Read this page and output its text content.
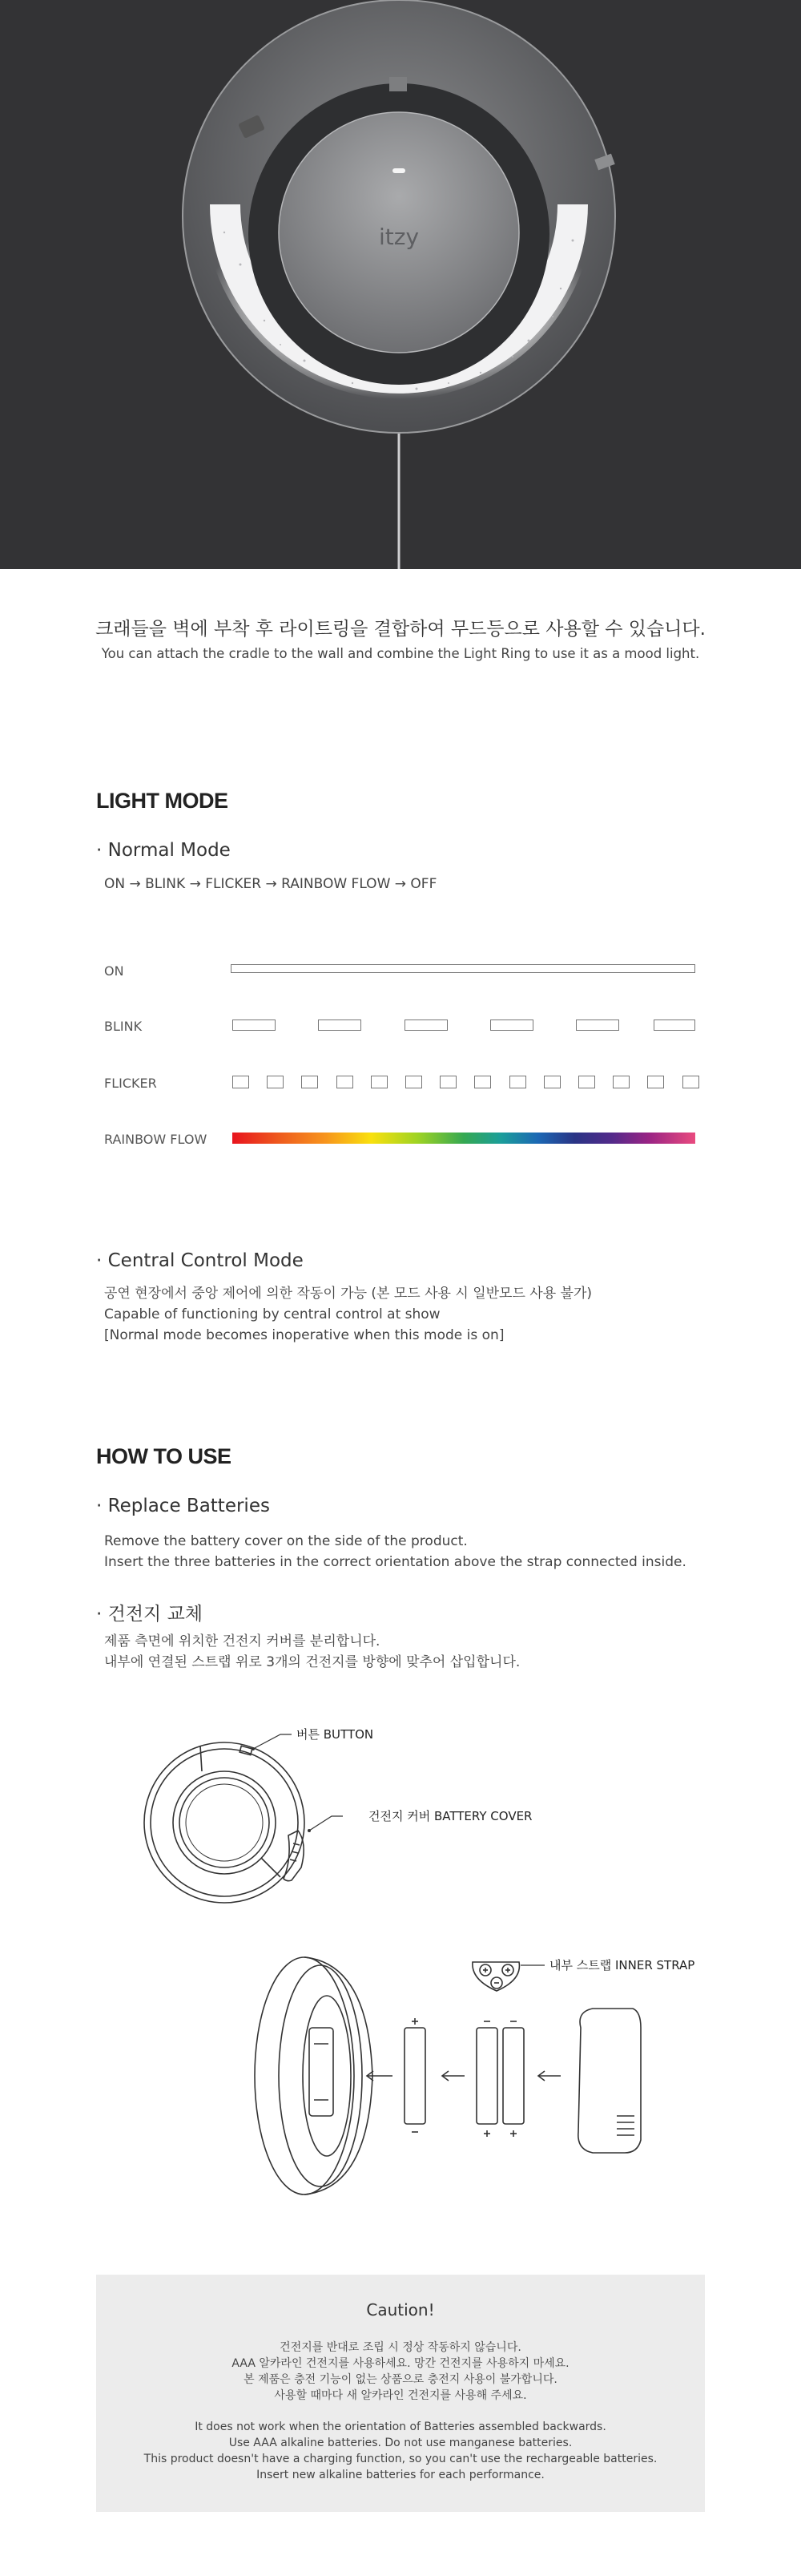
itzy
크래들을 벽에 부착 후 라이트링을 결합하여 무드등으로 사용할 수 있습니다.
You can attach the cradle to the wall and combine the Light Ring to use it as a mood light.
LIGHT MODE
· Normal Mode
ON → BLINK → FLICKER → RAINBOW FLOW → OFF
ON
BLINK
FLICKER
RAINBOW FLOW
· Central Control Mode
공연 현장에서 중앙 제어에 의한 작동이 가능 (본 모드 사용 시 일반모드 사용 불가)
Capable of functioning by central control at show
[Normal mode becomes inoperative when this mode is on]
HOW TO USE
· Replace Batteries
Remove the battery cover on the side of the product.
Insert the three batteries in the correct orientation above the strap connected inside.
· 건전지 교체
제품 측면에 위치한 건전지 커버를 분리합니다.
내부에 연결된 스트랩 위로 3개의 건전지를 방향에 맞추어 삽입합니다.
버튼 BUTTON
건전지 커버 BATTERY COVER
내부 스트랩 INNER STRAP
Caution!
건전지를 반대로 조립 시 정상 작동하지 않습니다.
AAA 알카라인 건전지를 사용하세요. 망간 건전지를 사용하지 마세요.
본 제품은 충전 기능이 없는 상품으로 충전지 사용이 불가합니다.
사용할 때마다 새 알카라인 건전지를 사용해 주세요.
It does not work when the orientation of Batteries assembled backwards.
Use AAA alkaline batteries. Do not use manganese batteries.
This product doesn't have a charging function, so you can't use the rechargeable batteries.
Insert new alkaline batteries for each performance.
